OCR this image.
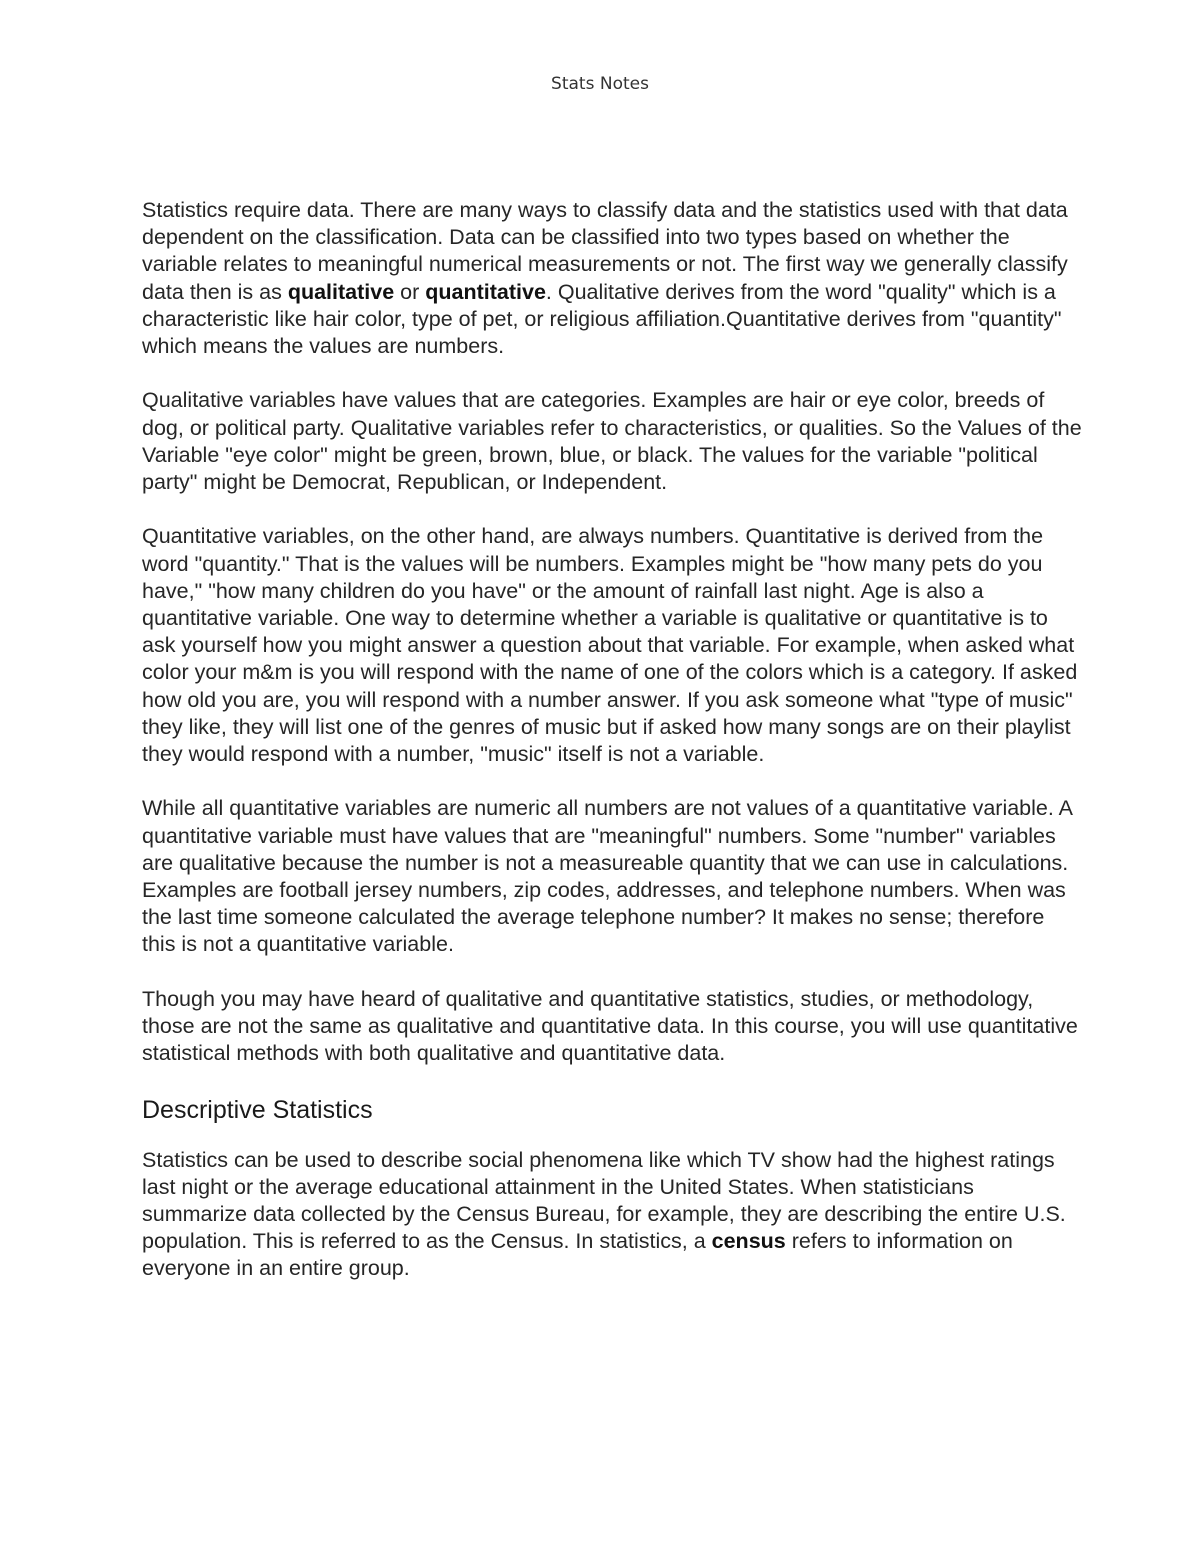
Stats Notes

Statistics require data. There are many ways to classify data and the statistics used with that data dependent on the classification. Data can be classified into two types based on whether the variable relates to meaningful numerical measurements or not. The first way we generally classify data then is as qualitative or quantitative. Qualitative derives from the word "quality" which is a characteristic like hair color, type of pet, or religious affiliation.Quantitative derives from "quantity" which means the values are numbers.

Qualitative variables have values that are categories. Examples are hair or eye color, breeds of dog, or political party. Qualitative variables refer to characteristics, or qualities. So the Values of the Variable "eye color" might be green, brown, blue, or black. The values for the variable "political party" might be Democrat, Republican, or Independent.

Quantitative variables, on the other hand, are always numbers. Quantitative is derived from the word "quantity." That is the values will be numbers. Examples might be "how many pets do you have," "how many children do you have" or the amount of rainfall last night. Age is also a quantitative variable. One way to determine whether a variable is qualitative or quantitative is to ask yourself how you might answer a question about that variable. For example, when asked what color your m&m is you will respond with the name of one of the colors which is a category. If asked how old you are, you will respond with a number answer. If you ask someone what "type of music" they like, they will list one of the genres of music but if asked how many songs are on their playlist they would respond with a number, "music" itself is not a variable.

While all quantitative variables are numeric all numbers are not values of a quantitative variable. A quantitative variable must have values that are "meaningful" numbers. Some "number" variables are qualitative because the number is not a measureable quantity that we can use in calculations. Examples are football jersey numbers, zip codes, addresses, and telephone numbers. When was the last time someone calculated the average telephone number? It makes no sense; therefore this is not a quantitative variable.

Though you may have heard of qualitative and quantitative statistics, studies, or methodology, those are not the same as qualitative and quantitative data. In this course, you will use quantitative statistical methods with both qualitative and quantitative data.

Descriptive Statistics

Statistics can be used to describe social phenomena like which TV show had the highest ratings last night or the average educational attainment in the United States. When statisticians summarize data collected by the Census Bureau, for example, they are describing the entire U.S. population. This is referred to as the Census. In statistics, a census refers to information on everyone in an entire group.
